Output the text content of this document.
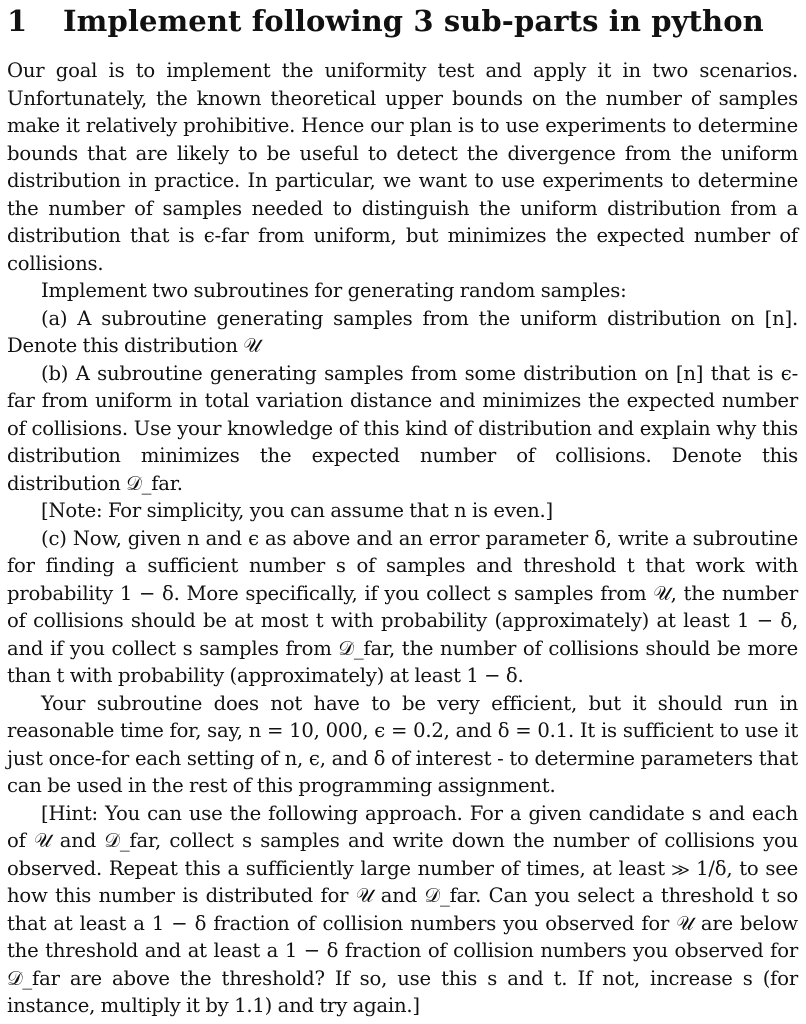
1	Implement following 3 sub-parts in python

Our goal is to implement the uniformity test and apply it in two scenarios. Unfortunately, the known theoretical upper bounds on the number of samples make it relatively prohibitive. Hence our plan is to use experiments to determine bounds that are likely to be useful to detect the divergence from the uniform distribution in practice. In particular, we want to use experiments to determine the number of samples needed to distinguish the uniform distribution from a distribution that is ϵ-far from uniform, but minimizes the expected number of collisions.

Implement two subroutines for generating random samples:

(a) A subroutine generating samples from the uniform distribution on [n]. Denote this distribution 𝒰

(b) A subroutine generating samples from some distribution on [n] that is ϵ-far from uniform in total variation distance and minimizes the expected number of collisions. Use your knowledge of this kind of distribution and explain why this distribution minimizes the expected number of collisions. Denote this distribution 𝒟_far.

[Note: For simplicity, you can assume that n is even.]

(c) Now, given n and ϵ as above and an error parameter δ, write a subroutine for finding a sufficient number s of samples and threshold t that work with probability 1 − δ. More specifically, if you collect s samples from 𝒰, the number of collisions should be at most t with probability (approximately) at least 1 − δ, and if you collect s samples from 𝒟_far, the number of collisions should be more than t with probability (approximately) at least 1 − δ.

Your subroutine does not have to be very efficient, but it should run in reasonable time for, say, n = 10, 000, ϵ = 0.2, and δ = 0.1. It is sufficient to use it just once-for each setting of n, ϵ, and δ of interest - to determine parameters that can be used in the rest of this programming assignment.

[Hint: You can use the following approach. For a given candidate s and each of 𝒰 and 𝒟_far, collect s samples and write down the number of collisions you observed. Repeat this a sufficiently large number of times, at least ≫ 1/δ, to see how this number is distributed for 𝒰 and 𝒟_far. Can you select a threshold t so that at least a 1 − δ fraction of collision numbers you observed for 𝒰 are below the threshold and at least a 1 − δ fraction of collision numbers you observed for 𝒟_far are above the threshold? If so, use this s and t. If not, increase s (for instance, multiply it by 1.1) and try again.]
